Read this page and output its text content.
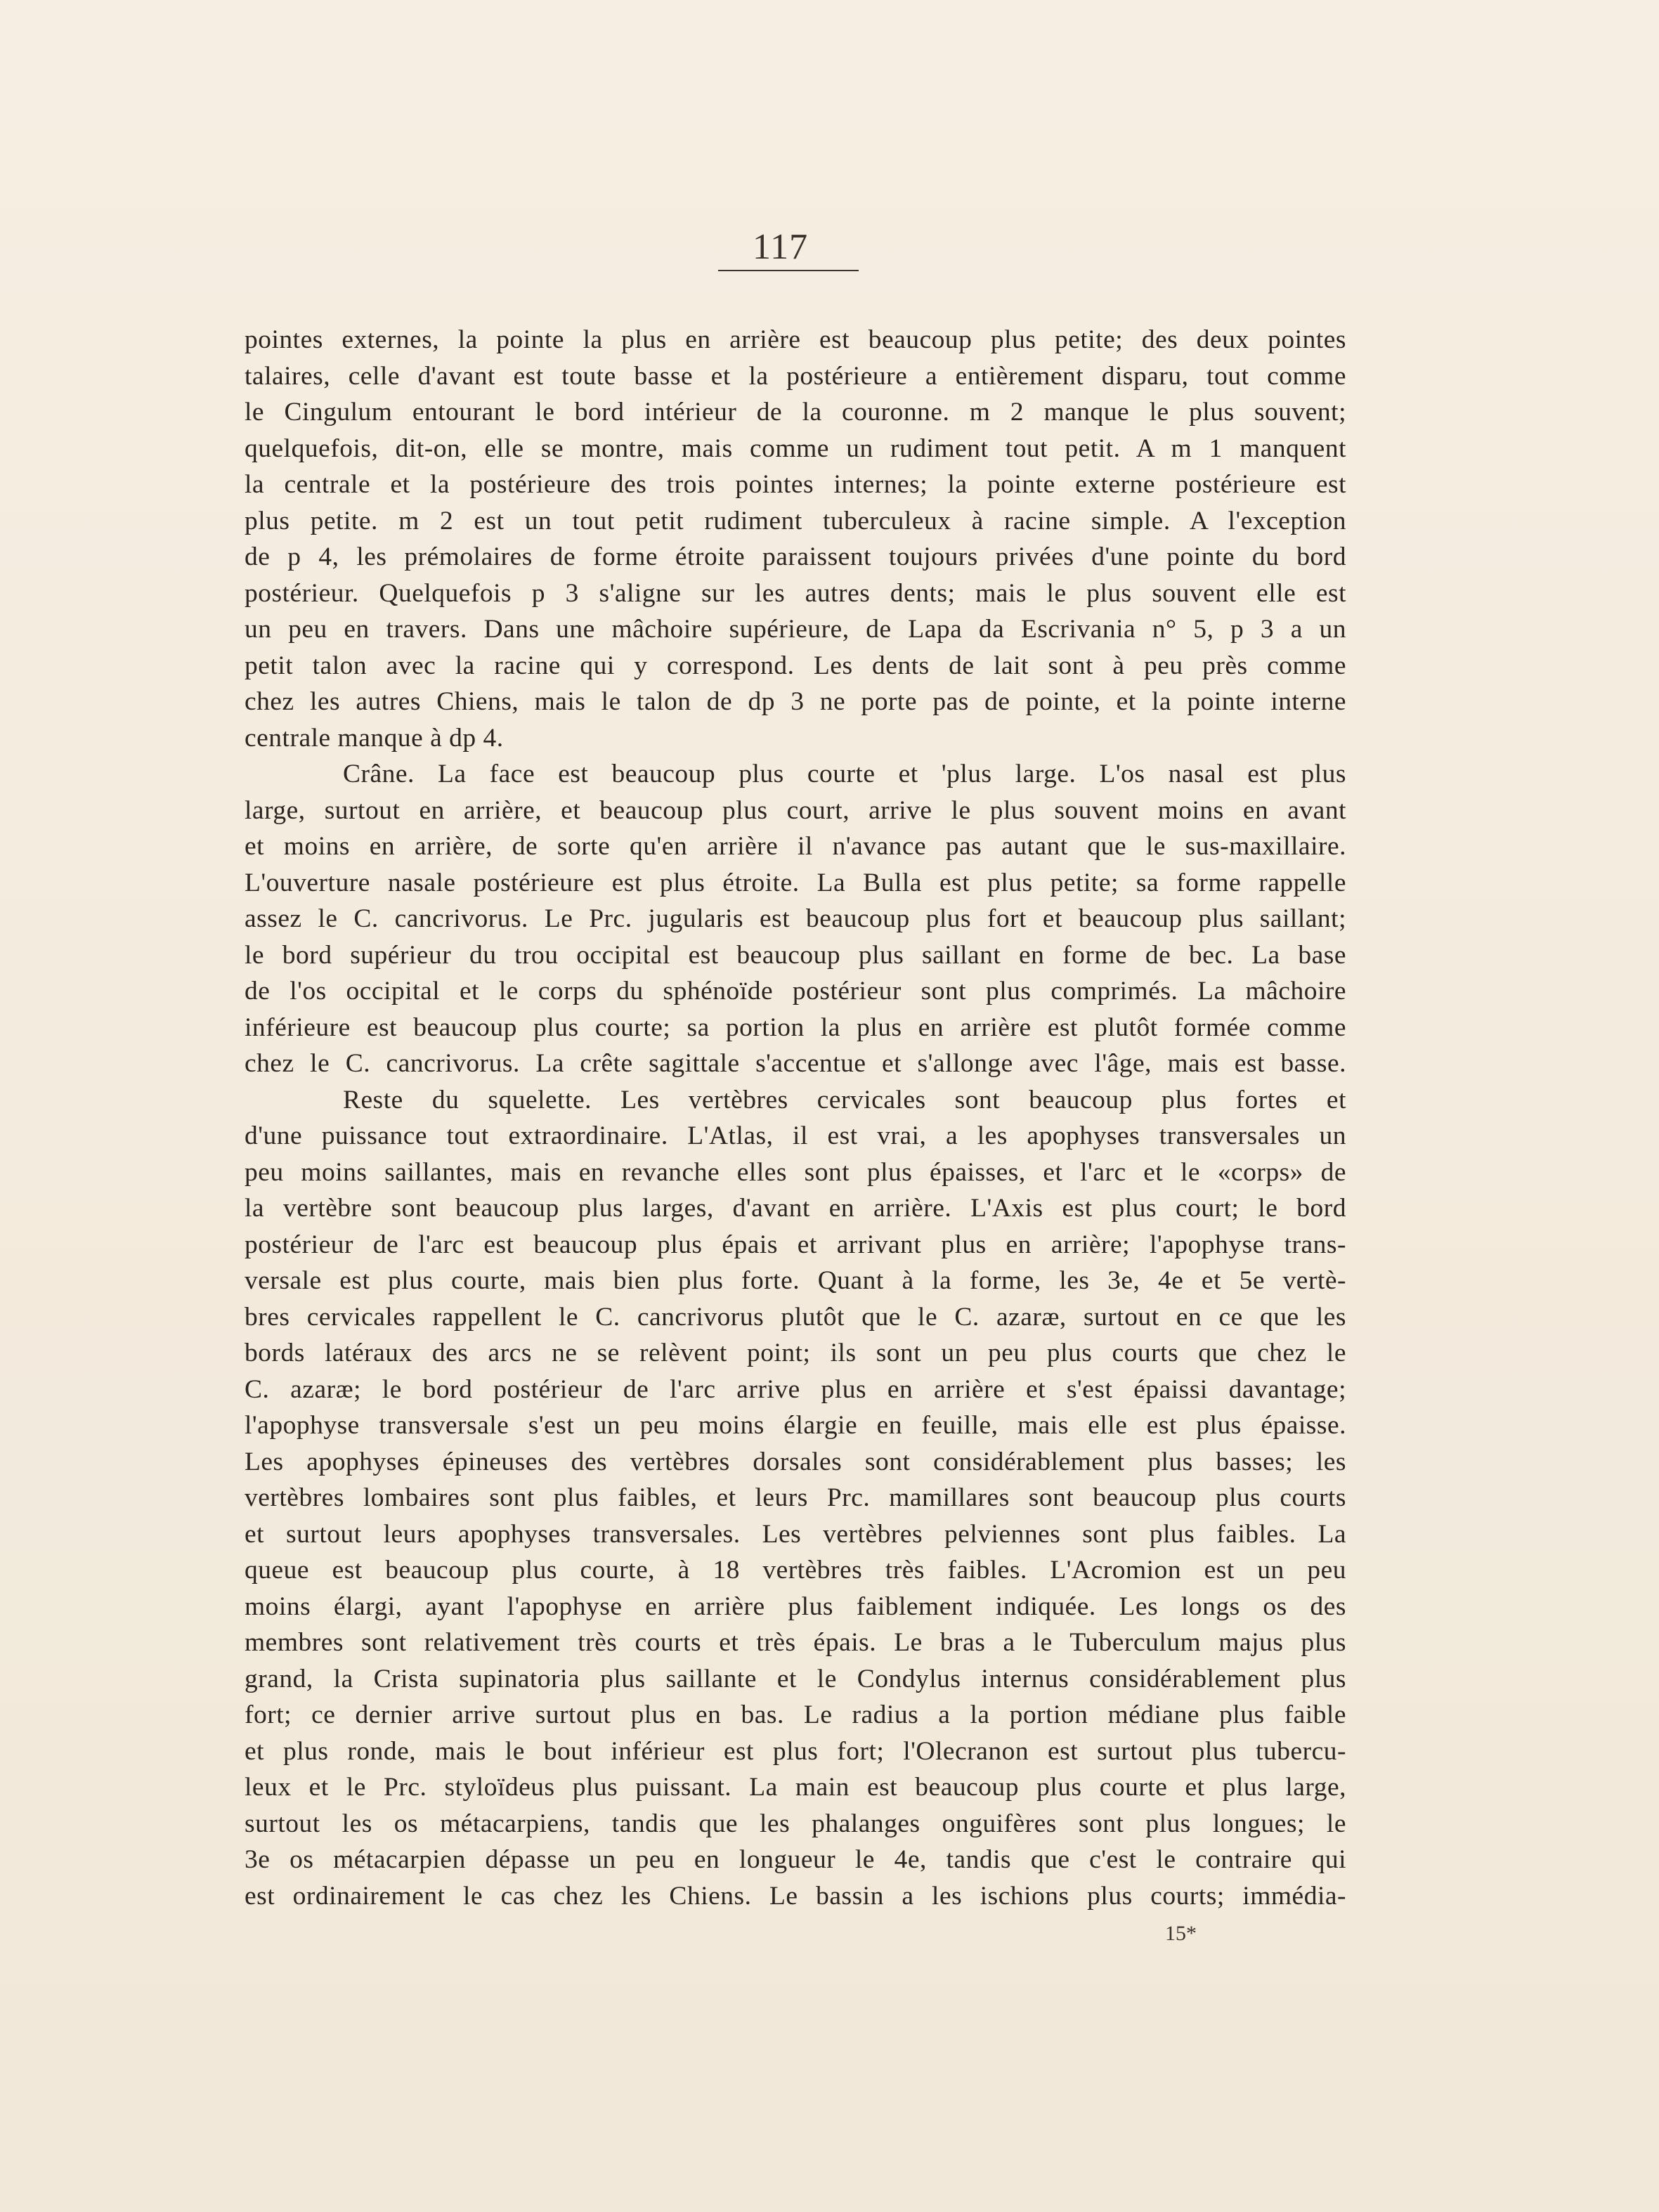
117
pointes externes, la pointe la plus en arrière est beaucoup plus petite; des deux pointes
talaires, celle d'avant est toute basse et la postérieure a entièrement disparu, tout comme
le Cingulum entourant le bord intérieur de la couronne. m 2 manque le plus souvent;
quelquefois, dit-on, elle se montre, mais comme un rudiment tout petit. A m 1 manquent
la centrale et la postérieure des trois pointes internes; la pointe externe postérieure est
plus petite. m 2 est un tout petit rudiment tuberculeux à racine simple. A l'exception
de p 4, les prémolaires de forme étroite paraissent toujours privées d'une pointe du bord
postérieur. Quelquefois p 3 s'aligne sur les autres dents; mais le plus souvent elle est
un peu en travers. Dans une mâchoire supérieure, de Lapa da Escrivania n° 5, p 3 a un
petit talon avec la racine qui y correspond. Les dents de lait sont à peu près comme
chez les autres Chiens, mais le talon de dp 3 ne porte pas de pointe, et la pointe interne
centrale manque à dp 4.
Crâne. La face est beaucoup plus courte et 'plus large. L'os nasal est plus
large, surtout en arrière, et beaucoup plus court, arrive le plus souvent moins en avant
et moins en arrière, de sorte qu'en arrière il n'avance pas autant que le sus-maxillaire.
L'ouverture nasale postérieure est plus étroite. La Bulla est plus petite; sa forme rappelle
assez le C. cancrivorus. Le Prc. jugularis est beaucoup plus fort et beaucoup plus saillant;
le bord supérieur du trou occipital est beaucoup plus saillant en forme de bec. La base
de l'os occipital et le corps du sphénoïde postérieur sont plus comprimés. La mâchoire
inférieure est beaucoup plus courte; sa portion la plus en arrière est plutôt formée comme
chez le C. cancrivorus. La crête sagittale s'accentue et s'allonge avec l'âge, mais est basse.
Reste du squelette. Les vertèbres cervicales sont beaucoup plus fortes et
d'une puissance tout extraordinaire. L'Atlas, il est vrai, a les apophyses transversales un
peu moins saillantes, mais en revanche elles sont plus épaisses, et l'arc et le «corps» de
la vertèbre sont beaucoup plus larges, d'avant en arrière. L'Axis est plus court; le bord
postérieur de l'arc est beaucoup plus épais et arrivant plus en arrière; l'apophyse trans-
versale est plus courte, mais bien plus forte. Quant à la forme, les 3e, 4e et 5e vertè-
bres cervicales rappellent le C. cancrivorus plutôt que le C. azaræ, surtout en ce que les
bords latéraux des arcs ne se relèvent point; ils sont un peu plus courts que chez le
C. azaræ; le bord postérieur de l'arc arrive plus en arrière et s'est épaissi davantage;
l'apophyse transversale s'est un peu moins élargie en feuille, mais elle est plus épaisse.
Les apophyses épineuses des vertèbres dorsales sont considérablement plus basses; les
vertèbres lombaires sont plus faibles, et leurs Prc. mamillares sont beaucoup plus courts
et surtout leurs apophyses transversales. Les vertèbres pelviennes sont plus faibles. La
queue est beaucoup plus courte, à 18 vertèbres très faibles. L'Acromion est un peu
moins élargi, ayant l'apophyse en arrière plus faiblement indiquée. Les longs os des
membres sont relativement très courts et très épais. Le bras a le Tuberculum majus plus
grand, la Crista supinatoria plus saillante et le Condylus internus considérablement plus
fort; ce dernier arrive surtout plus en bas. Le radius a la portion médiane plus faible
et plus ronde, mais le bout inférieur est plus fort; l'Olecranon est surtout plus tubercu-
leux et le Prc. styloïdeus plus puissant. La main est beaucoup plus courte et plus large,
surtout les os métacarpiens, tandis que les phalanges onguifères sont plus longues; le
3e os métacarpien dépasse un peu en longueur le 4e, tandis que c'est le contraire qui
est ordinairement le cas chez les Chiens. Le bassin a les ischions plus courts; immédia-
15*
